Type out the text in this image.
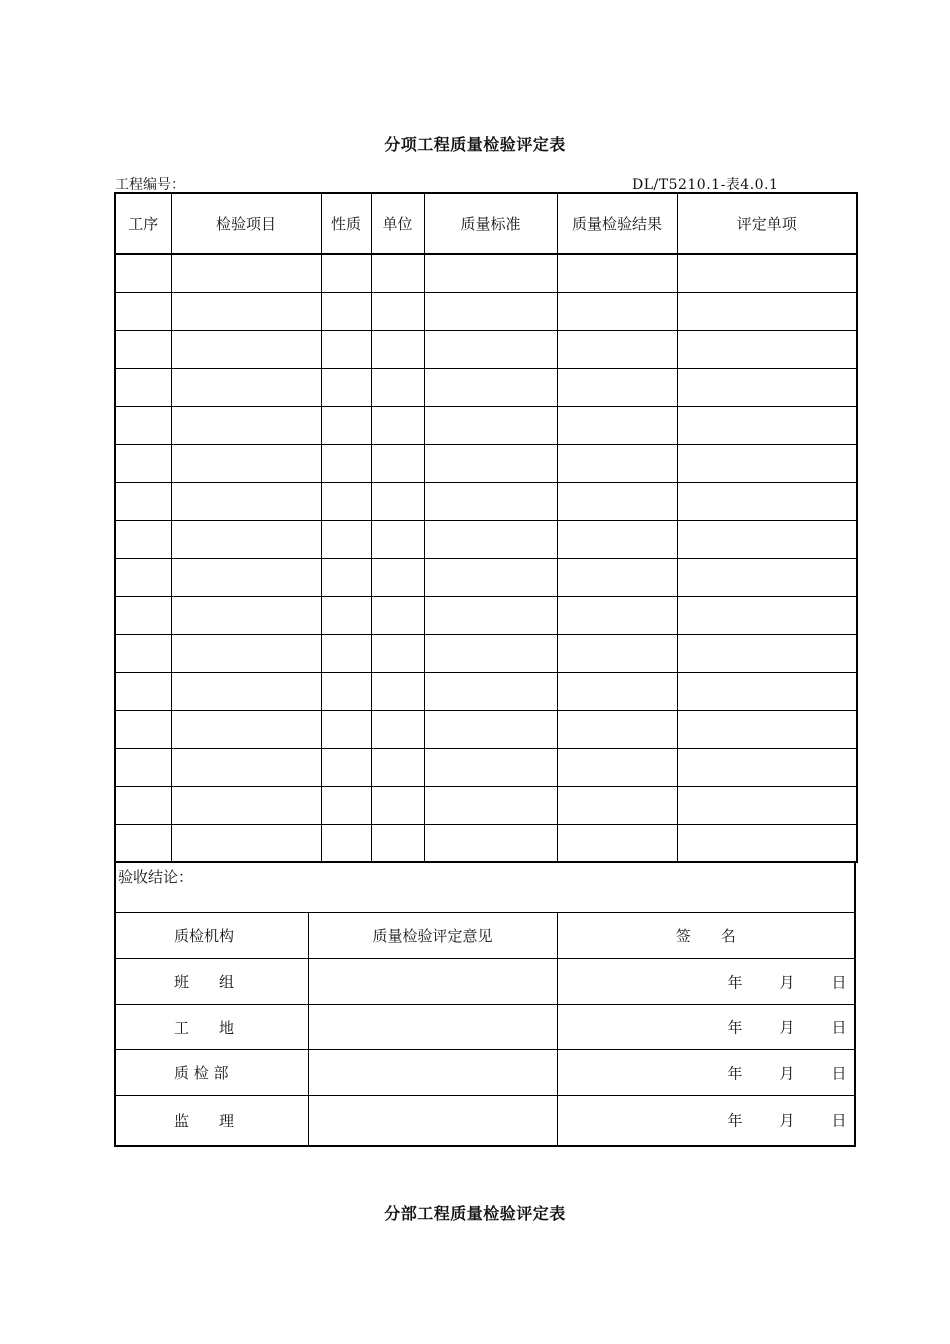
分项工程质量检验评定表
工程编号：	DL/T5210.1-表4.0.1
工序	检验项目	性质	单位	质量标准	质量检验结果	评定单项

验收结论：		
质检机构	质量检验评定意见	签　　名
班　　组		年 月 日

工　　地		年 月 日

质 检 部		年 月 日

监　　理		年 月 日
分部工程质量检验评定表
